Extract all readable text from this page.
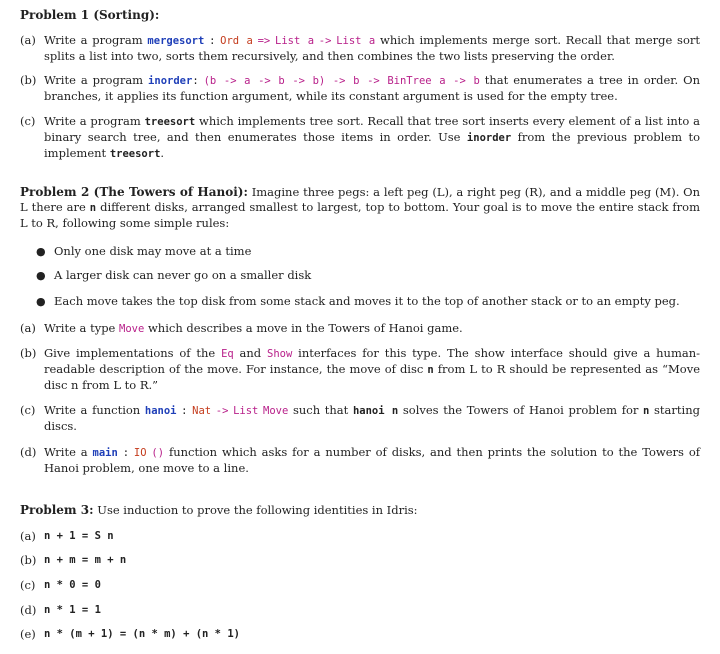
Problem 1 (Sorting):
(a) Write a program mergesort : Ord a => List a -> List a which implements merge sort. Recall that merge sort splits a list into two, sorts them recursively, and then combines the two lists preserving the order.
(b) Write a program inorder: (b -> a -> b -> b) -> b -> BinTree a -> b that enumerates a tree in order. On branches, it applies its function argument, while its constant argument is used for the empty tree.
(c) Write a program treesort which implements tree sort. Recall that tree sort inserts every element of a list into a binary search tree, and then enumerates those items in order. Use inorder from the previous problem to implement treesort.
Problem 2 (The Towers of Hanoi): Imagine three pegs: a left peg (L), a right peg (R), and a middle peg (M). On L there are n different disks, arranged smallest to largest, top to bottom. Your goal is to move the entire stack from L to R, following some simple rules:
● Only one disk may move at a time
● A larger disk can never go on a smaller disk
● Each move takes the top disk from some stack and moves it to the top of another stack or to an empty peg.
(a) Write a type Move which describes a move in the Towers of Hanoi game.
(b) Give implementations of the Eq and Show interfaces for this type. The show interface should give a human-readable description of the move. For instance, the move of disc n from L to R should be represented as “Move disc n from L to R.”
(c) Write a function hanoi : Nat -> List Move such that hanoi n solves the Towers of Hanoi problem for n starting discs.
(d) Write a main : IO () function which asks for a number of disks, and then prints the solution to the Towers of Hanoi problem, one move to a line.
Problem 3: Use induction to prove the following identities in Idris:
(a) n + 1 = S n
(b) n + m = m + n
(c) n * 0 = 0
(d) n * 1 = 1
(e) n * (m + 1) = (n * m) + (n * 1)
